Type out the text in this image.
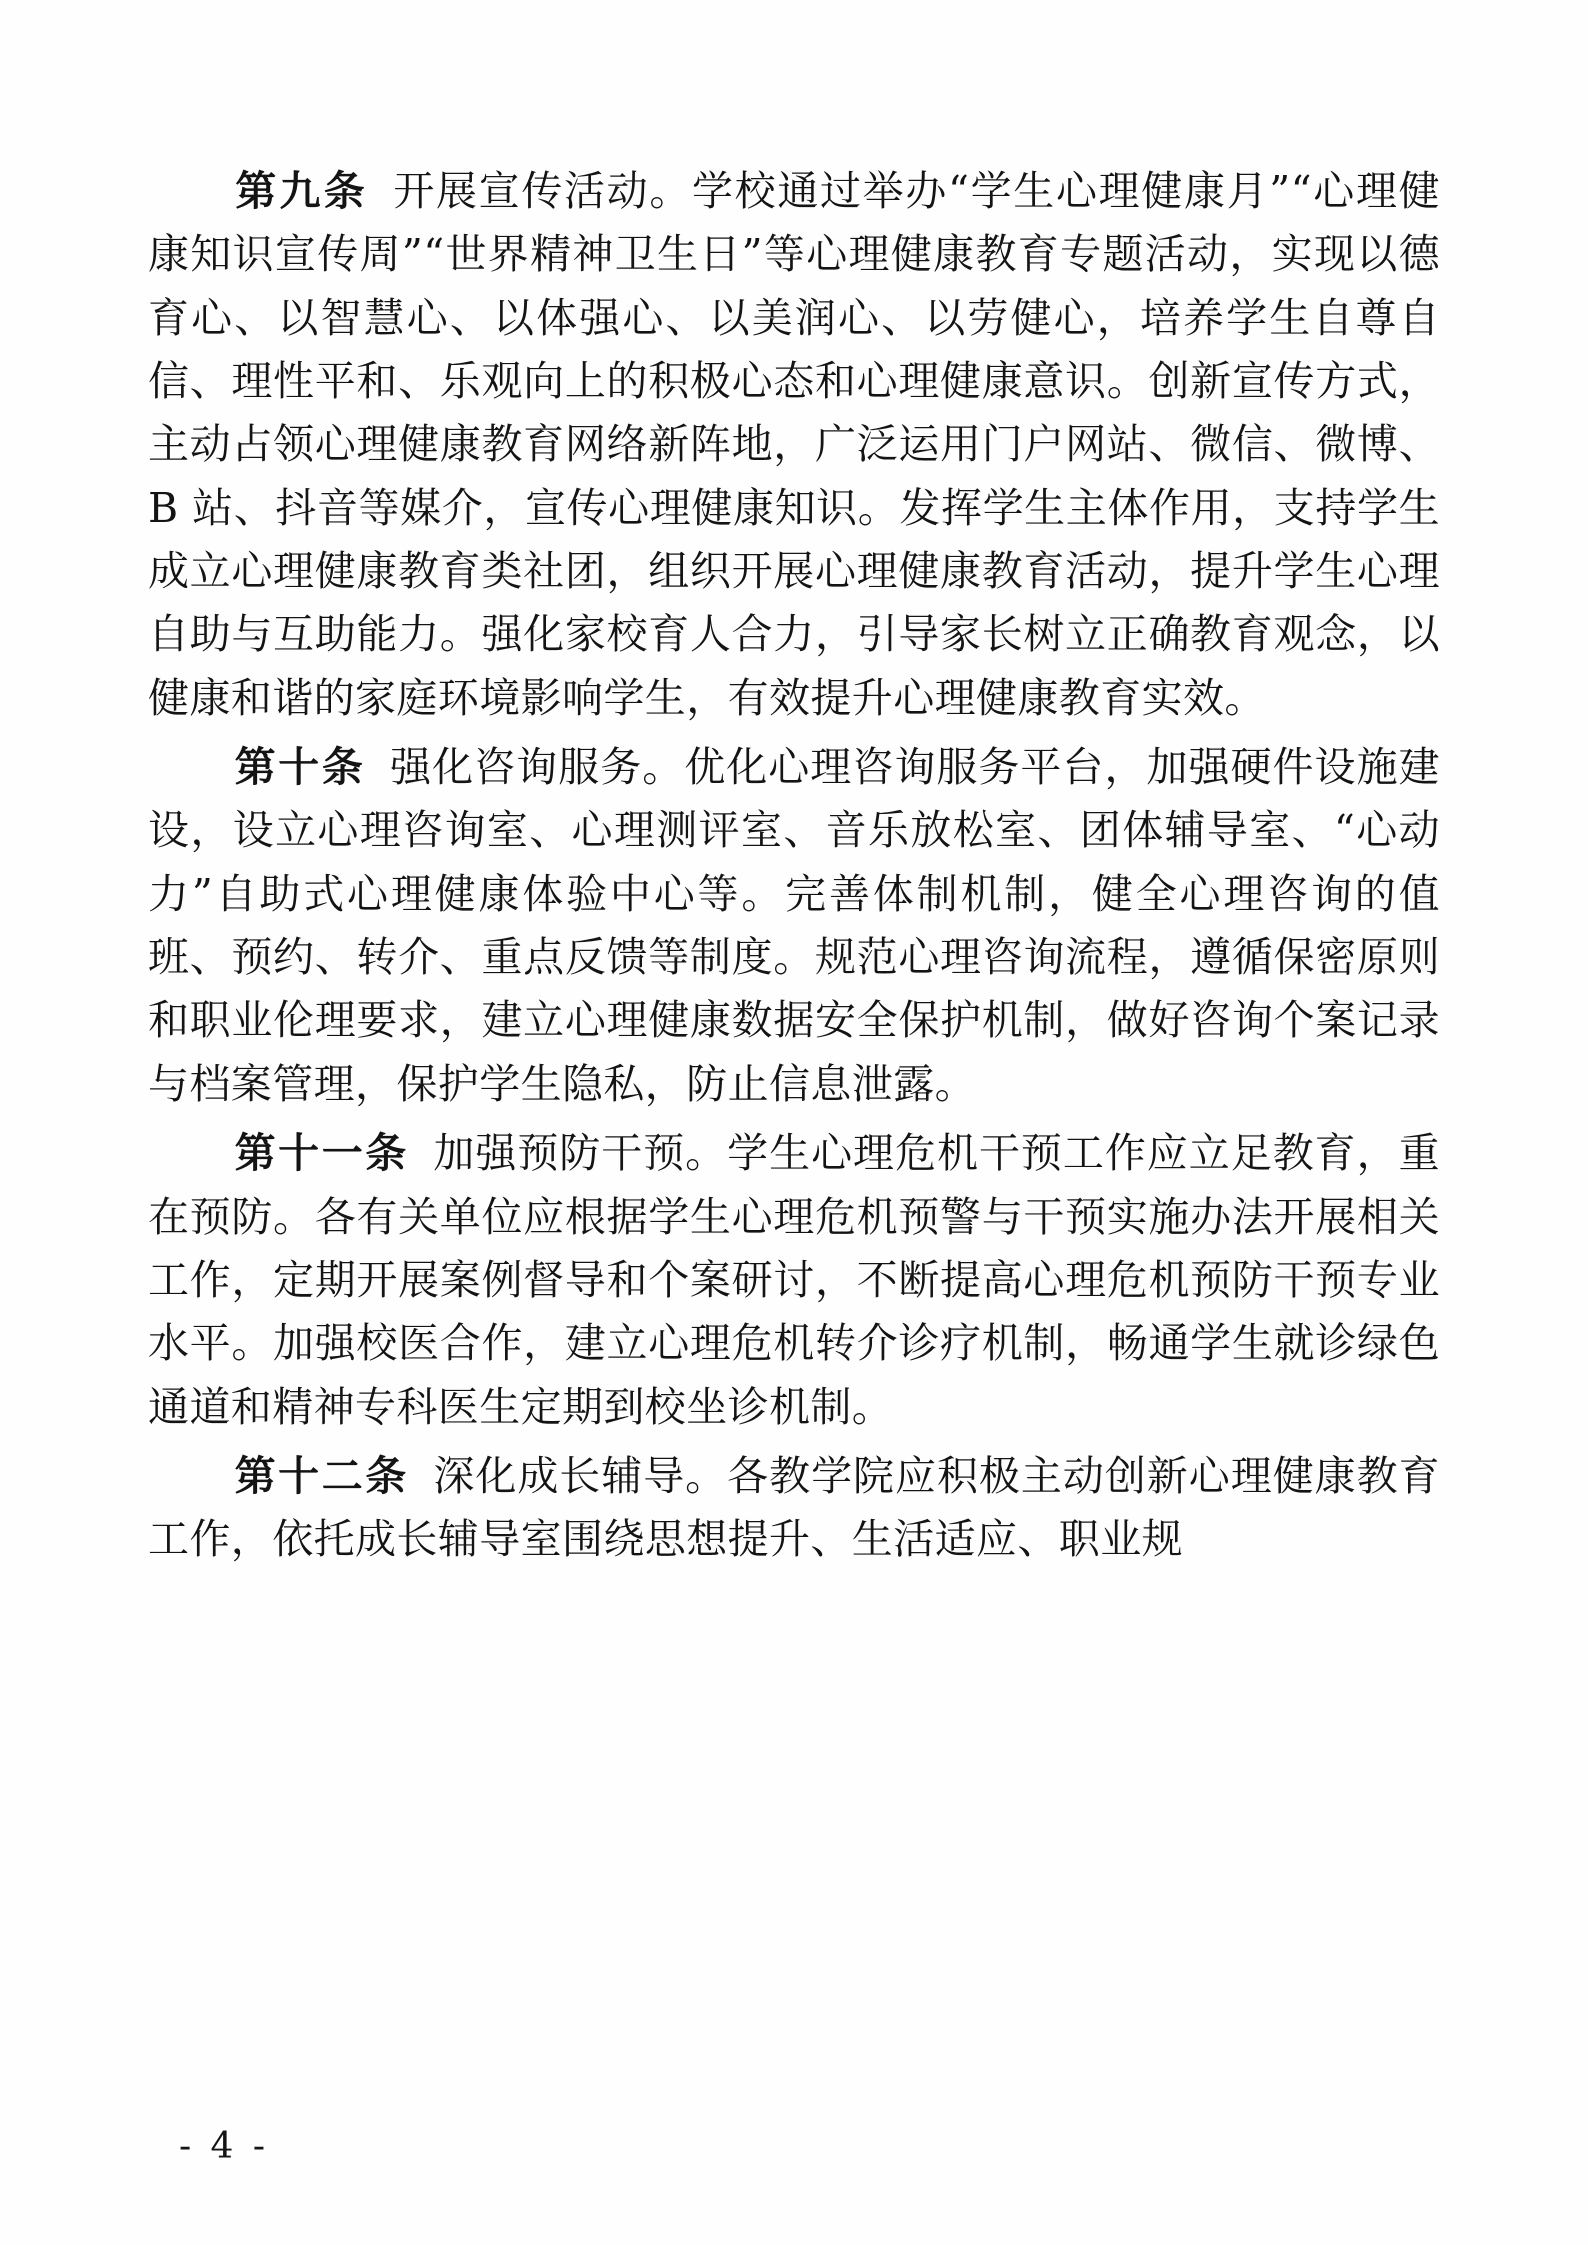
第九条 开展宣传活动。学校通过举办“学生心理健康月”“心理健康知识宣传周”“世界精神卫生日”等心理健康教育专题活动，实现以德育心、以智慧心、以体强心、以美润心、以劳健心，培养学生自尊自信、理性平和、乐观向上的积极心态和心理健康意识。创新宣传方式，主动占领心理健康教育网络新阵地，广泛运用门户网站、微信、微博、B 站、抖音等媒介，宣传心理健康知识。发挥学生主体作用，支持学生成立心理健康教育类社团，组织开展心理健康教育活动，提升学生心理自助与互助能力。强化家校育人合力，引导家长树立正确教育观念，以健康和谐的家庭环境影响学生，有效提升心理健康教育实效。

第十条 强化咨询服务。优化心理咨询服务平台，加强硬件设施建设，设立心理咨询室、心理测评室、音乐放松室、团体辅导室、“心动力”自助式心理健康体验中心等。完善体制机制，健全心理咨询的值班、预约、转介、重点反馈等制度。规范心理咨询流程，遵循保密原则和职业伦理要求，建立心理健康数据安全保护机制，做好咨询个案记录与档案管理，保护学生隐私，防止信息泄露。

第十一条 加强预防干预。学生心理危机干预工作应立足教育，重在预防。各有关单位应根据学生心理危机预警与干预实施办法开展相关工作，定期开展案例督导和个案研讨，不断提高心理危机预防干预专业水平。加强校医合作，建立心理危机转介诊疗机制，畅通学生就诊绿色通道和精神专科医生定期到校坐诊机制。

第十二条 深化成长辅导。各教学院应积极主动创新心理健康教育工作，依托成长辅导室围绕思想提升、生活适应、职业规

- 4 -
